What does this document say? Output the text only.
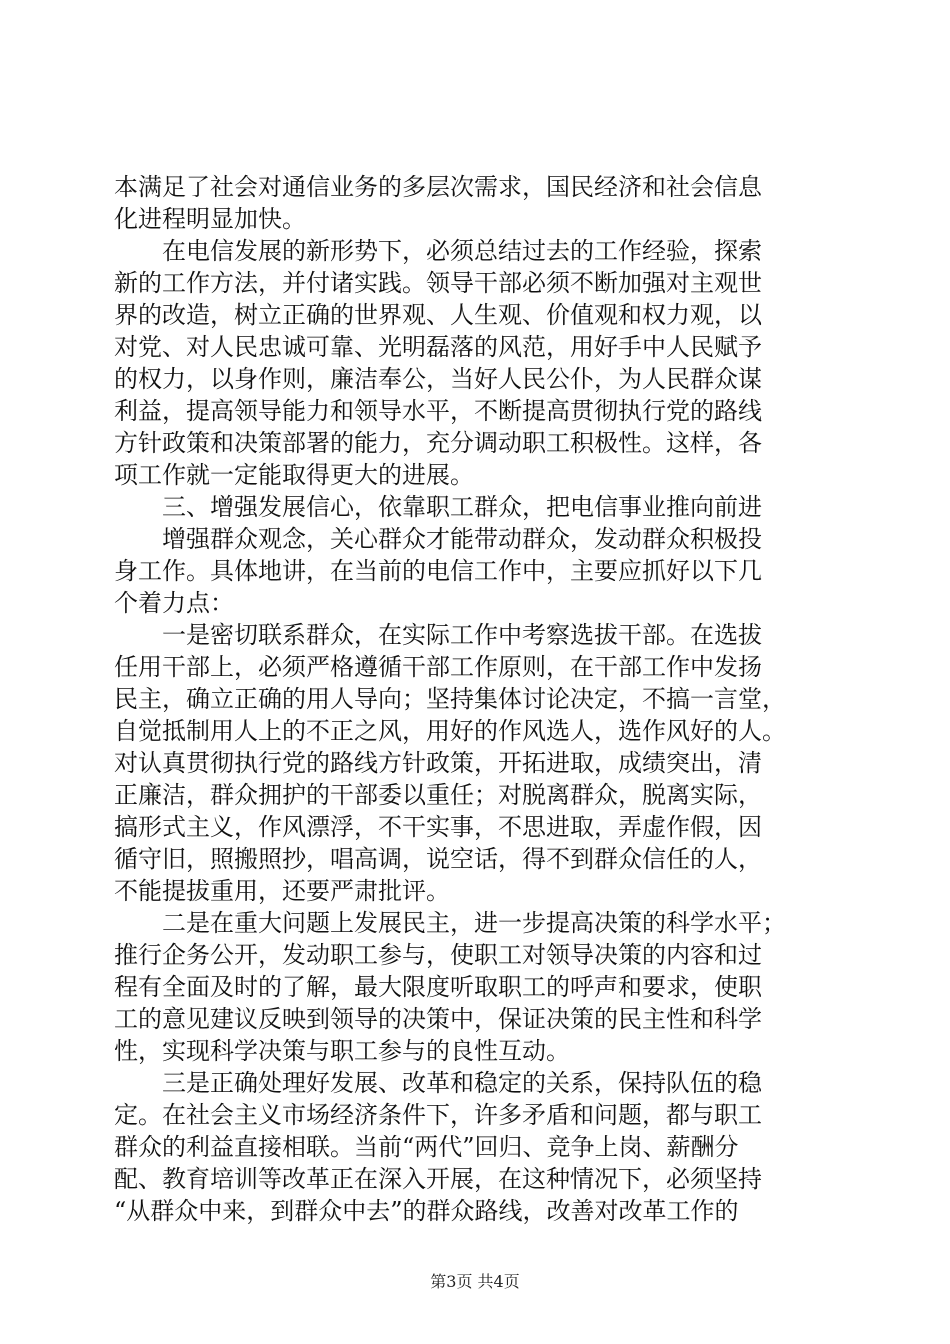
本满足了社会对通信业务的多层次需求，国民经济和社会信息
化进程明显加快。
在电信发展的新形势下，必须总结过去的工作经验，探索
新的工作方法，并付诸实践。领导干部必须不断加强对主观世
界的改造，树立正确的世界观、人生观、价值观和权力观，以
对党、对人民忠诚可靠、光明磊落的风范，用好手中人民赋予
的权力，以身作则，廉洁奉公，当好人民公仆，为人民群众谋
利益，提高领导能力和领导水平，不断提高贯彻执行党的路线
方针政策和决策部署的能力，充分调动职工积极性。这样，各
项工作就一定能取得更大的进展。
三、增强发展信心，依靠职工群众，把电信事业推向前进
增强群众观念，关心群众才能带动群众，发动群众积极投
身工作。具体地讲，在当前的电信工作中，主要应抓好以下几
个着力点：
一是密切联系群众，在实际工作中考察选拔干部。在选拔
任用干部上，必须严格遵循干部工作原则，在干部工作中发扬
民主，确立正确的用人导向；坚持集体讨论决定，不搞一言堂，
自觉抵制用人上的不正之风，用好的作风选人，选作风好的人。
对认真贯彻执行党的路线方针政策，开拓进取，成绩突出，清
正廉洁，群众拥护的干部委以重任；对脱离群众，脱离实际，
搞形式主义，作风漂浮，不干实事，不思进取，弄虚作假，因
循守旧，照搬照抄，唱高调，说空话，得不到群众信任的人，
不能提拔重用，还要严肃批评。
二是在重大问题上发展民主，进一步提高决策的科学水平；
推行企务公开，发动职工参与，使职工对领导决策的内容和过
程有全面及时的了解，最大限度听取职工的呼声和要求，使职
工的意见建议反映到领导的决策中，保证决策的民主性和科学
性，实现科学决策与职工参与的良性互动。
三是正确处理好发展、改革和稳定的关系，保持队伍的稳
定。在社会主义市场经济条件下，许多矛盾和问题，都与职工
群众的利益直接相联。当前“两代”回归、竞争上岗、薪酬分
配、教育培训等改革正在深入开展，在这种情况下，必须坚持
“从群众中来，到群众中去”的群众路线，改善对改革工作的
第3页 共4页
